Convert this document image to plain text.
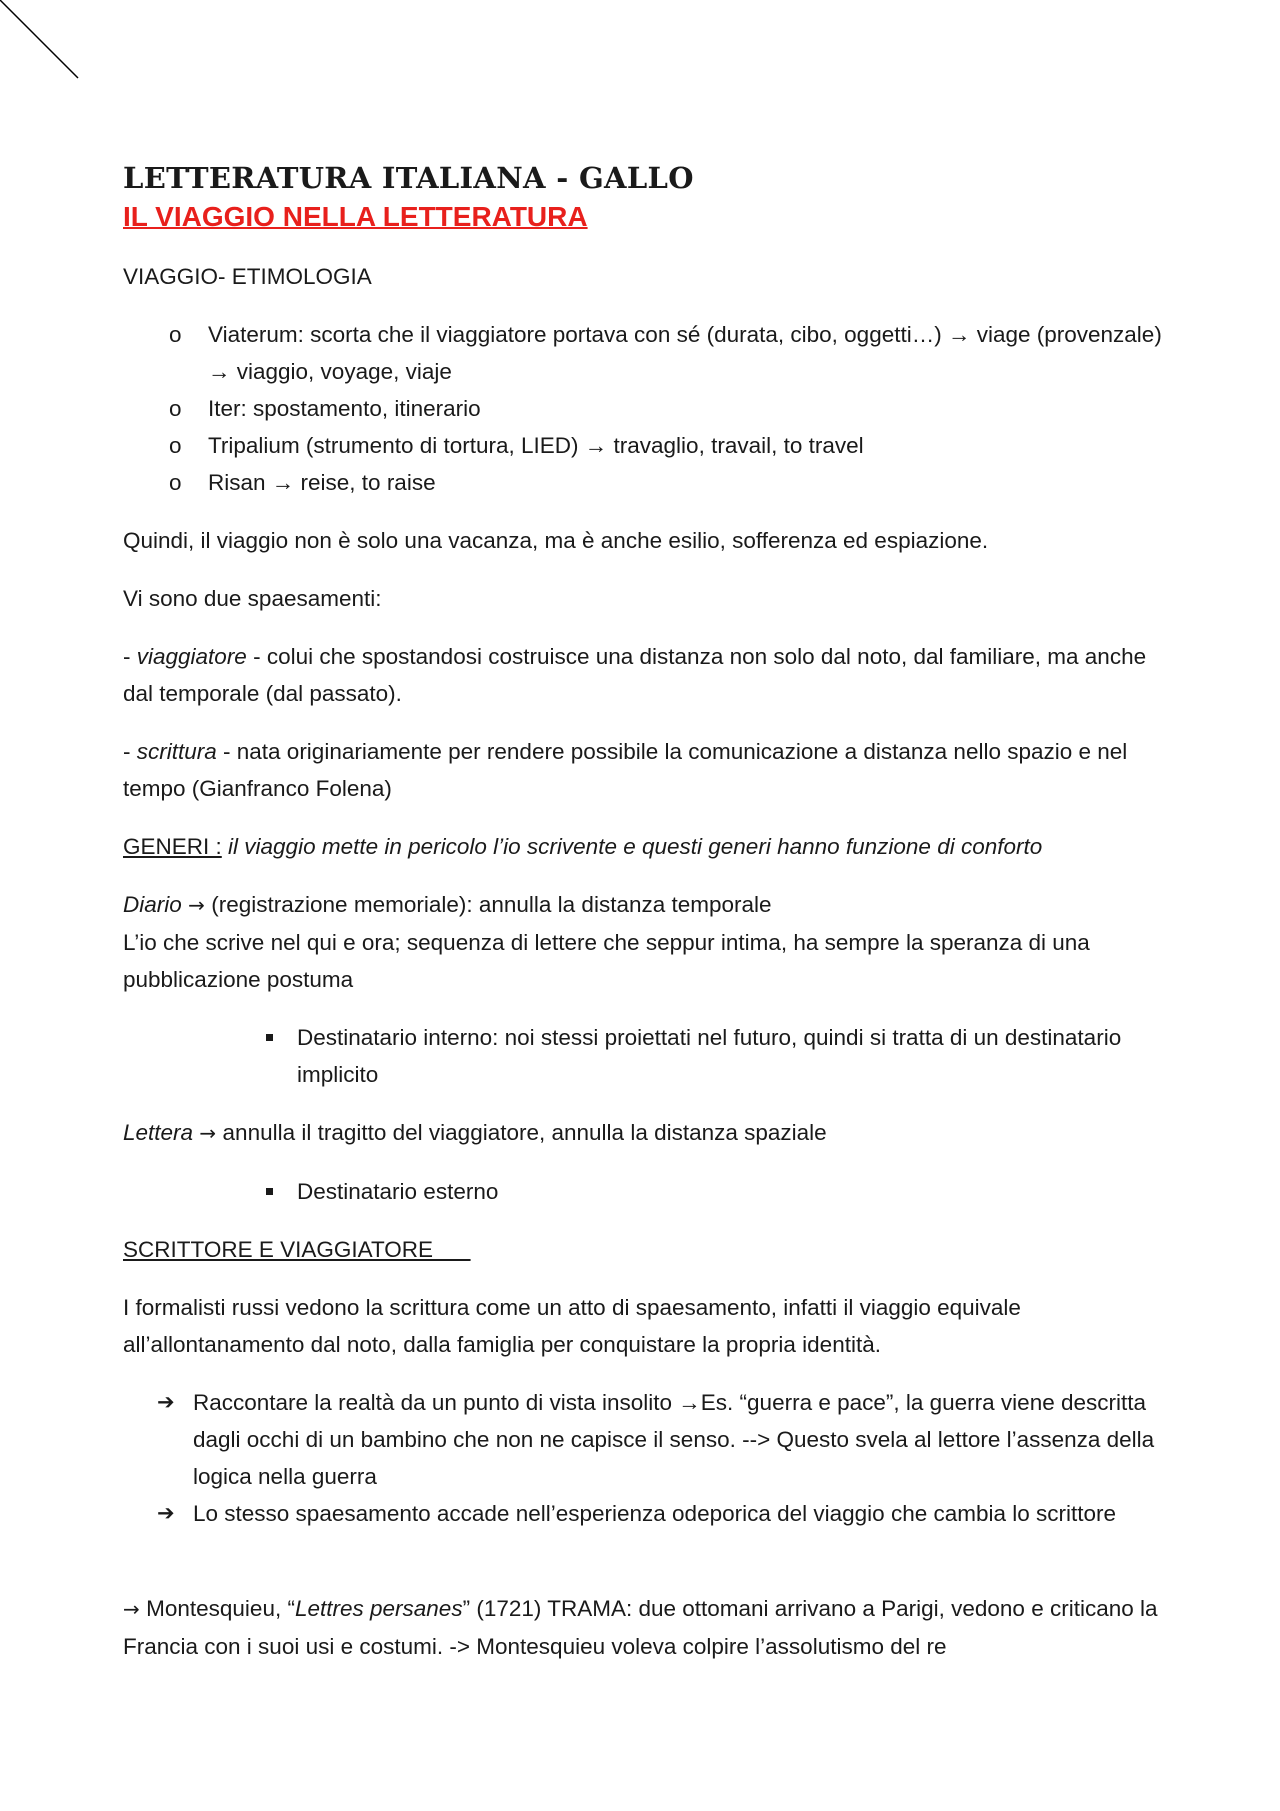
LETTERATURA ITALIANA - GALLO
IL VIAGGIO NELLA LETTERATURA

VIAGGIO- ETIMOLOGIA

o Viaterum: scorta che il viaggiatore portava con sé (durata, cibo, oggetti…) → viage (provenzale) → viaggio, voyage, viaje
o Iter: spostamento, itinerario
o Tripalium (strumento di tortura, LIED) → travaglio, travail, to travel
o Risan → reise, to raise

Quindi, il viaggio non è solo una vacanza, ma è anche esilio, sofferenza ed espiazione.

Vi sono due spaesamenti:

- viaggiatore - colui che spostandosi costruisce una distanza non solo dal noto, dal familiare, ma anche dal temporale (dal passato).

- scrittura - nata originariamente per rendere possibile la comunicazione a distanza nello spazio e nel tempo (Gianfranco Folena)

GENERI : il viaggio mette in pericolo l’io scrivente e questi generi hanno funzione di conforto

Diario → (registrazione memoriale): annulla la distanza temporale
L’io che scrive nel qui e ora; sequenza di lettere che seppur intima, ha sempre la speranza di una pubblicazione postuma

Destinatario interno: noi stessi proiettati nel futuro, quindi si tratta di un destinatario implicito

Lettera → annulla il tragitto del viaggiatore, annulla la distanza spaziale

Destinatario esterno

SCRITTORE E VIAGGIATORE

I formalisti russi vedono la scrittura come un atto di spaesamento, infatti il viaggio equivale all’allontanamento dal noto, dalla famiglia per conquistare la propria identità.

➔ Raccontare la realtà da un punto di vista insolito →Es. “guerra e pace”, la guerra viene descritta dagli occhi di un bambino che non ne capisce il senso. --> Questo svela al lettore l’assenza della logica nella guerra
➔ Lo stesso spaesamento accade nell’esperienza odeporica del viaggio che cambia lo scrittore

→ Montesquieu, “Lettres persanes” (1721) TRAMA: due ottomani arrivano a Parigi, vedono e criticano la Francia con i suoi usi e costumi. -> Montesquieu voleva colpire l’assolutismo del re
